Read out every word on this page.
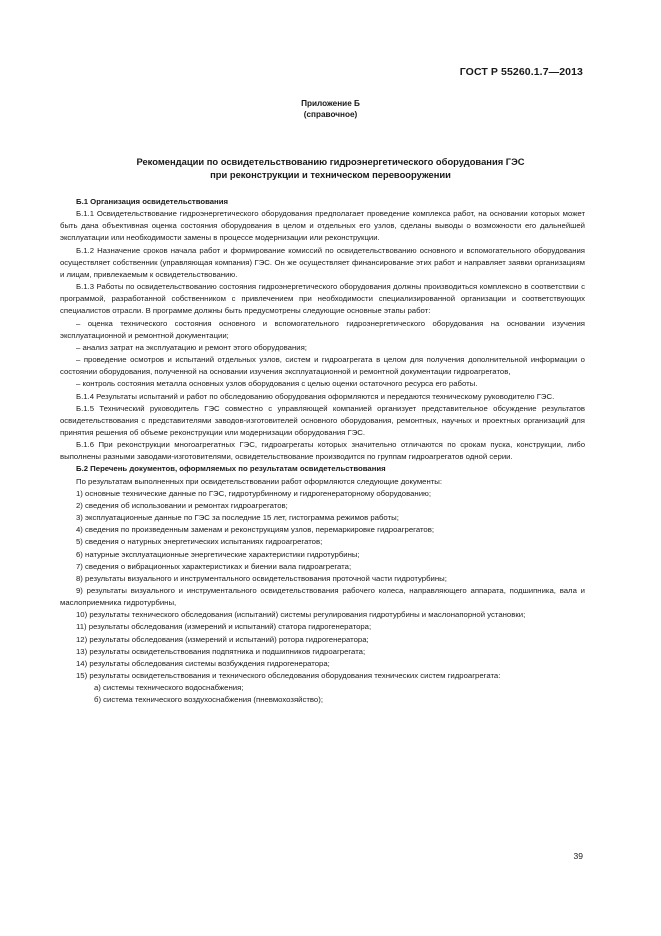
ГОСТ Р 55260.1.7—2013
Приложение Б
(справочное)
Рекомендации по освидетельствованию гидроэнергетического оборудования ГЭС
при реконструкции и техническом перевооружении

Б.1 Организация освидетельствования

Б.1.1 Освидетельствование гидроэнергетического оборудования предполагает проведение комплекса работ, на основании которых может быть дана объективная оценка состояния оборудования в целом и отдельных его узлов, сделаны выводы о возможности его дальнейшей эксплуатации или необходимости замены в процессе модернизации или реконструкции.

Б.1.2 Назначение сроков начала работ и формирование комиссий по освидетельствованию основного и вспомогательного оборудования осуществляет собственник (управляющая компания) ГЭС. Он же осуществляет финансирование этих работ и направляет заявки организациям и лицам, привлекаемым к освидетельствованию.

Б.1.3 Работы по освидетельствованию состояния гидроэнергетического оборудования должны производиться комплексно в соответствии с программой, разработанной собственником с привлечением при необходимости специализированной организации и соответствующих специалистов отрасли. В программе должны быть предусмотрены следующие основные этапы работ:

– оценка технического состояния основного и вспомогательного гидроэнергетического оборудования на основании изучения эксплуатационной и ремонтной документации;

– анализ затрат на эксплуатацию и ремонт этого оборудования;

– проведение осмотров и испытаний отдельных узлов, систем и гидроагрегата в целом для получения дополнительной информации о состоянии оборудования, полученной на основании изучения эксплуатационной и ремонтной документации гидроагрегатов,

– контроль состояния металла основных узлов оборудования с целью оценки остаточного ресурса его работы.

Б.1.4 Результаты испытаний и работ по обследованию оборудования оформляются и передаются техническому руководителю ГЭС.

Б.1.5 Технический руководитель ГЭС совместно с управляющей компанией организует представительное обсуждение результатов освидетельствования с представителями заводов-изготовителей основного оборудования, ремонтных, научных и проектных организаций для принятия решения об объеме реконструкции или модернизации оборудования ГЭС.

Б.1.6 При реконструкции многоагрегатных ГЭС, гидроагрегаты которых значительно отличаются по срокам пуска, конструкции, либо выполнены разными заводами-изготовителями, освидетельствование производится по группам гидроагрегатов одной серии.

Б.2 Перечень документов, оформляемых по результатам освидетельствования

По результатам выполненных при освидетельствовании работ оформляются следующие документы:

1) основные технические данные по ГЭС, гидротурбинному и гидрогенераторному оборудованию;

2) сведения об использовании и ремонтах гидроагрегатов;

3) эксплуатационные данные по ГЭС за последние 15 лет, гистограмма режимов работы;

4) сведения по произведенным заменам и реконструкциям узлов, перемаркировке гидроагрегатов;

5) сведения о натурных энергетических испытаниях гидроагрегатов;

6) натурные эксплуатационные энергетические характеристики гидротурбины;

7) сведения о вибрационных характеристиках и биении вала гидроагрегата;

8) результаты визуального и инструментального освидетельствования проточной части гидротурбины;

9) результаты визуального и инструментального освидетельствования рабочего колеса, направляющего аппарата, подшипника, вала и маслоприемника гидротурбины,

10) результаты технического обследования (испытаний) системы регулирования гидротурбины и маслонапорной установки;

11) результаты обследования (измерений и испытаний) статора гидрогенератора;

12) результаты обследования (измерений и испытаний) ротора гидрогенератора;

13) результаты освидетельствования подпятника и подшипников гидроагрегата;

14) результаты обследования системы возбуждения гидрогенератора;

15) результаты освидетельствования и технического обследования оборудования технических систем гидроагрегата:

а) системы технического водоснабжения;

б) система технического воздухоснабжения (пневмохозяйство);

39
